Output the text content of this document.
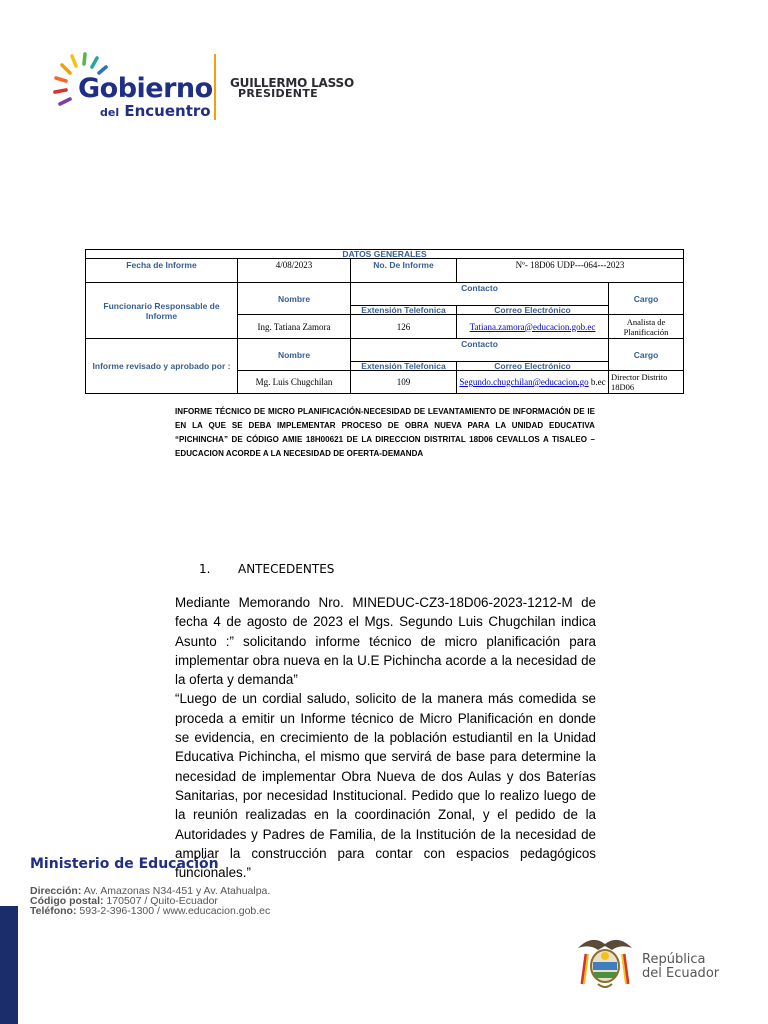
Gobierno
del Encuentro
GUILLERMO LASSO
PRESIDENTE
DATOS GENERALES				
Fecha de Informe	4/08/2023	No. De Informe	Nº- 18D06 UDP---064---2023	
Funcionario Responsable de Informe	Nombre	Contacto		Cargo
		Extensión Telefonica	Correo Electrónico	
	Ing. Tatiana Zamora	126	Tatiana.zamora@educacion.gob.ec	Analista de Planificación
Informe revisado y aprobado por :	Nombre	Contacto		Cargo
		Extensión Telefonica	Correo Electrónico	
	Mg. Luis Chugchilan	109	Segundo.chugchilan@educacion.go b.ec	Director Distrito 18D06
INFORME TÉCNICO DE MICRO PLANIFICACIÓN-NECESIDAD DE LEVANTAMIENTO DE INFORMACIÓN DE IE EN LA QUE SE DEBA IMPLEMENTAR PROCESO DE OBRA NUEVA PARA LA UNIDAD EDUCATIVA “PICHINCHA” DE CÓDIGO AMIE 18H00621 DE LA DIRECCION DISTRITAL 18D06 CEVALLOS A TISALEO – EDUCACION ACORDE A LA NECESIDAD DE OFERTA-DEMANDA
1. ANTECEDENTES

Mediante Memorando Nro. MINEDUC-CZ3-18D06-2023-1212-M de fecha 4 de agosto de 2023 el Mgs. Segundo Luis Chugchilan indica Asunto :” solicitando informe técnico de micro planificación para implementar obra nueva en la U.E Pichincha acorde a la necesidad de la oferta y demanda”

“Luego de un cordial saludo, solicito de la manera más comedida se proceda a emitir un Informe técnico de Micro Planificación en donde se evidencia, en crecimiento de la población estudiantil en la Unidad Educativa Pichincha, el mismo que servirá de base para determine la necesidad de implementar Obra Nueva de dos Aulas y dos Baterías Sanitarias, por necesidad Institucional. Pedido que lo realizo luego de la reunión realizadas en la coordinación Zonal, y el pedido de la Autoridades y Padres de Familia, de la Institución de la necesidad de ampliar la construcción para contar con espacios pedagógicos funcionales.”

Ministerio de Educación
Dirección: Av. Amazonas N34-451 y Av. Atahualpa.
Código postal: 170507 / Quito-Ecuador
Teléfono: 593-2-396-1300 / www.educacion.gob.ec
República
del Ecuador
